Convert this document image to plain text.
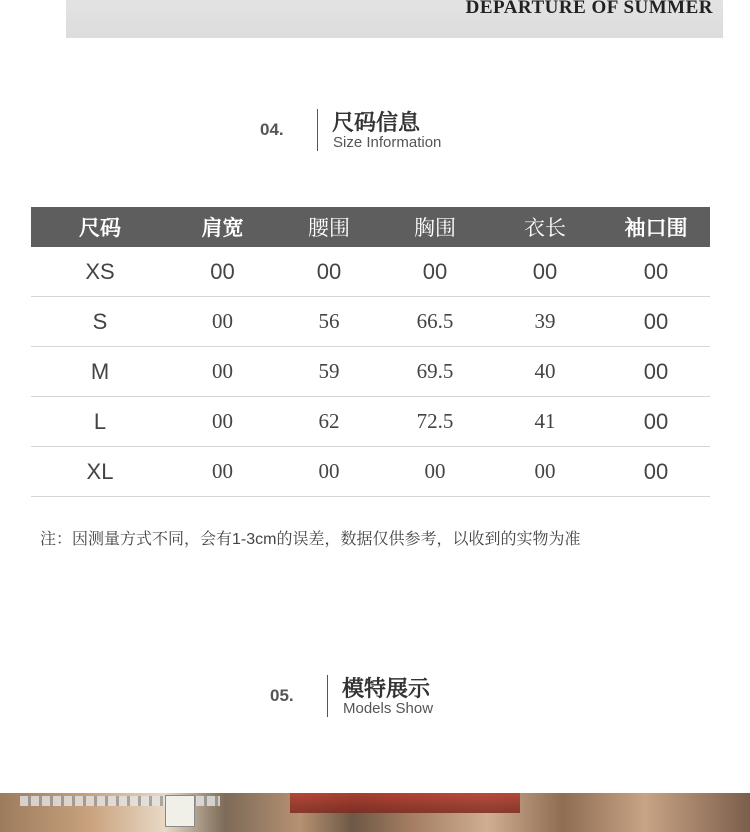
DEPARTURE OF SUMMER
04. 尺码信息
Size Information
尺码	肩宽	腰围	胸围	衣长	袖口围
XS	00	00	00	00	00
S	00	56	66.5	39	00
M	00	59	69.5	40	00
L	00	62	72.5	41	00
XL	00	00	00	00	00
注：因测量方式不同，会有1-3cm的误差，数据仅供参考，以收到的实物为准
05. 模特展示
Models Show
